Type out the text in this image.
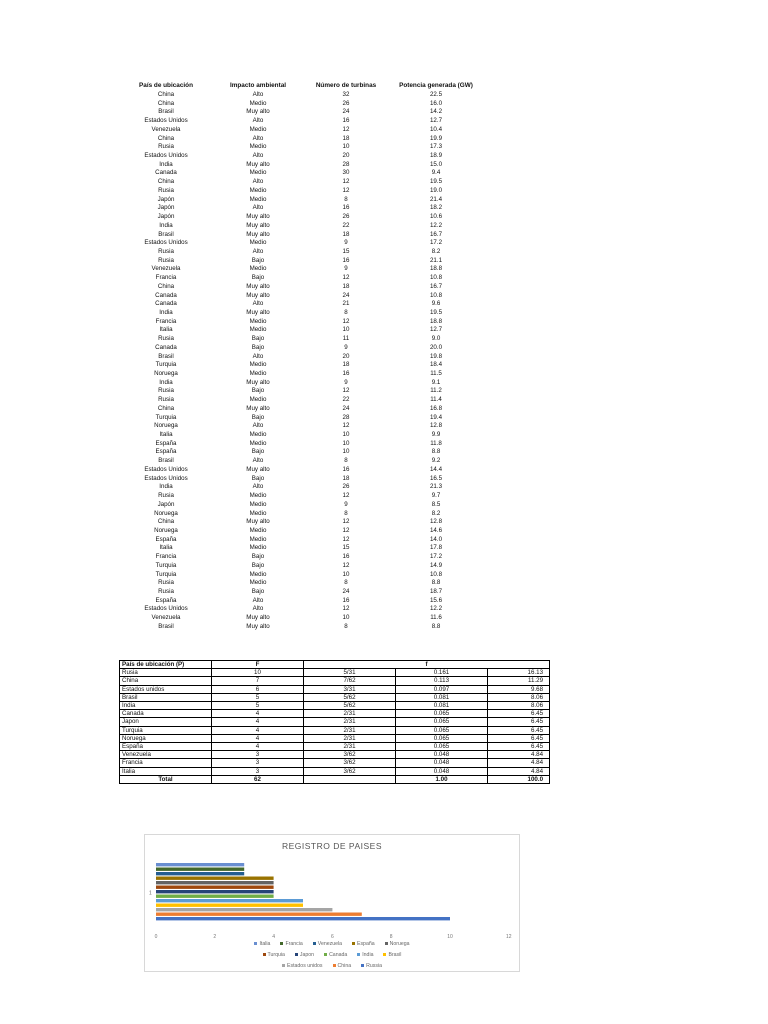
País de ubicación	Impacto ambiental	Número de turbinas	Potencia generada (GW)
China	Alto	32	22.5
China	Medio	26	16.0
Brasil	Muy alto	24	14.2
Estados Unidos	Alto	16	12.7
Venezuela	Medio	12	10.4
China	Alto	18	19.9
Rusia	Medio	10	17.3
Estados Unidos	Alto	20	18.9
India	Muy alto	28	15.0
Canada	Medio	30	9.4
China	Alto	12	19.5
Rusia	Medio	12	19.0
Japón	Medio	8	21.4
Japón	Alto	16	18.2
Japón	Muy alto	26	10.6
India	Muy alto	22	12.2
Brasil	Muy alto	18	16.7
Estados Unidos	Medio	9	17.2
Rusia	Alto	15	8.2
Rusia	Bajo	16	21.1
Venezuela	Medio	9	18.8
Francia	Bajo	12	10.8
China	Muy alto	18	16.7
Canada	Muy alto	24	10.8
Canada	Alto	21	9.6
India	Muy alto	8	19.5
Francia	Medio	12	18.8
Italia	Medio	10	12.7
Rusia	Bajo	11	9.0
Canada	Bajo	9	20.0
Brasil	Alto	20	19.8
Turquia	Medio	18	18.4
Noruega	Medio	16	11.5
India	Muy alto	9	9.1
Rusia	Bajo	12	11.2
Rusia	Medio	22	11.4
China	Muy alto	24	16.8
Turquia	Bajo	28	19.4
Noruega	Alto	12	12.8
Italia	Medio	10	9.9
España	Medio	10	11.8
España	Bajo	10	8.8
Brasil	Alto	8	9.2
Estados Unidos	Muy alto	16	14.4
Estados Unidos	Bajo	18	16.5
India	Alto	26	21.3
Rusia	Medio	12	9.7
Japón	Medio	9	8.5
Noruega	Medio	8	8.2
China	Muy alto	12	12.8
Noruega	Medio	12	14.6
España	Medio	12	14.0
Italia	Medio	15	17.8
Francia	Bajo	16	17.2
Turquia	Bajo	12	14.9
Turquia	Medio	10	10.8
Rusia	Medio	8	8.8
Rusia	Bajo	24	18.7
España	Alto	16	15.6
Estados Unidos	Alto	12	12.2
Venezuela	Muy alto	10	11.6
Brasil	Muy alto	8	8.8
País de ubicación (P)	F	f		
Rusia	10	5/31	0.161	16.13
China	7	7/62	0.113	11.29
Estados unidos	6	3/31	0.097	9.68
Brasil	5	5/62	0.081	8.06
India	5	5/62	0.081	8.06
Canada	4	2/31	0.065	6.45
Japon	4	2/31	0.065	6.45
Turquia	4	2/31	0.065	6.45
Noruega	4	2/31	0.065	6.45
España	4	2/31	0.065	6.45
Venezuela	3	3/62	0.048	4.84
Francia	3	3/62	0.048	4.84
Italia	3	3/62	0.048	4.84
Total	62		1.00	100.0
1
0	2	4	6	8	10	12
REGISTRO DE PAISES
Italia	Francia	Venezuela	España	Noruega
Turquia	Japon	Canada	India	Brasil
Estados unidos	China	Russia
